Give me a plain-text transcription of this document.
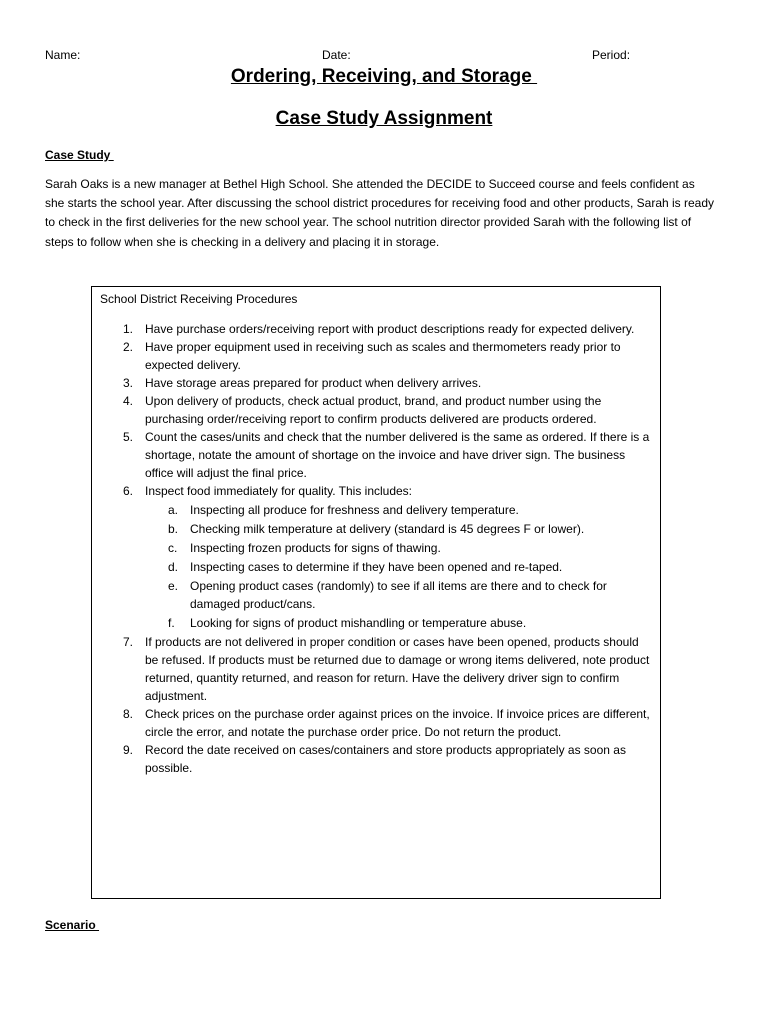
Name:	Date:	Period:
Ordering, Receiving, and Storage
Case Study Assignment
Case Study

Sarah Oaks is a new manager at Bethel High School. She attended the DECIDE to Succeed course and feels confident as she starts the school year. After discussing the school district procedures for receiving food and other products, Sarah is ready to check in the first deliveries for the new school year. The school nutrition director provided Sarah with the following list of steps to follow when she is checking in a delivery and placing it in storage.

School District Receiving Procedures
1. Have purchase orders/receiving report with product descriptions ready for expected delivery.
2. Have proper equipment used in receiving such as scales and thermometers ready prior to expected delivery.
3. Have storage areas prepared for product when delivery arrives.
4. Upon delivery of products, check actual product, brand, and product number using the purchasing order/receiving report to confirm products delivered are products ordered.
5. Count the cases/units and check that the number delivered is the same as ordered. If there is a shortage, notate the amount of shortage on the invoice and have driver sign. The business office will adjust the final price.
6. Inspect food immediately for quality. This includes:
a. Inspecting all produce for freshness and delivery temperature.
b. Checking milk temperature at delivery (standard is 45 degrees F or lower).
c. Inspecting frozen products for signs of thawing.
d. Inspecting cases to determine if they have been opened and re-taped.
e. Opening product cases (randomly) to see if all items are there and to check for damaged product/cans.
f. Looking for signs of product mishandling or temperature abuse.
7. If products are not delivered in proper condition or cases have been opened, products should be refused. If products must be returned due to damage or wrong items delivered, note product returned, quantity returned, and reason for return. Have the delivery driver sign to confirm adjustment.
8. Check prices on the purchase order against prices on the invoice. If invoice prices are different, circle the error, and notate the purchase order price. Do not return the product.
9. Record the date received on cases/containers and store products appropriately as soon as possible.
Scenario
